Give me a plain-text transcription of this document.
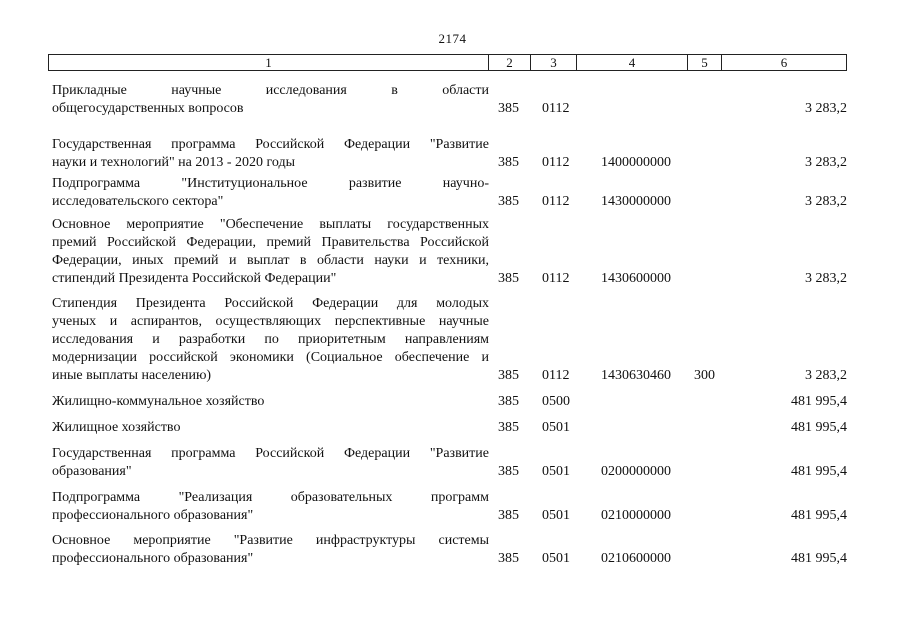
2174
1	2	3	4	5	6
Прикладные научные исследования в области
общегосударственных вопросов	385 0112	3 283,2
Государственная программа Российской Федерации "Развитие
науки и технологий" на 2013 - 2020 годы	385 0112 1400000000	3 283,2
Подпрограмма "Институциональное развитие научно-
исследовательского сектора"	385 0112 1430000000	3 283,2
Основное мероприятие "Обеспечение выплаты государственных
премий Российской Федерации, премий Правительства Российской
Федерации, иных премий и выплат в области науки и техники,
стипендий Президента Российской Федерации"	385 0112 1430600000	3 283,2
Стипендия Президента Российской Федерации для молодых
ученых и аспирантов, осуществляющих перспективные научные
исследования и разработки по приоритетным направлениям
модернизации российской экономики (Социальное обеспечение и
иные выплаты населению)	385 0112 1430630460 300	3 283,2
Жилищно-коммунальное хозяйство	385 0500	481 995,4
Жилищное хозяйство	385 0501	481 995,4
Государственная программа Российской Федерации "Развитие
образования"	385 0501 0200000000	481 995,4
Подпрограмма "Реализация образовательных программ
профессионального образования"	385 0501 0210000000	481 995,4
Основное мероприятие "Развитие инфраструктуры системы
профессионального образования"	385 0501 0210600000	481 995,4
